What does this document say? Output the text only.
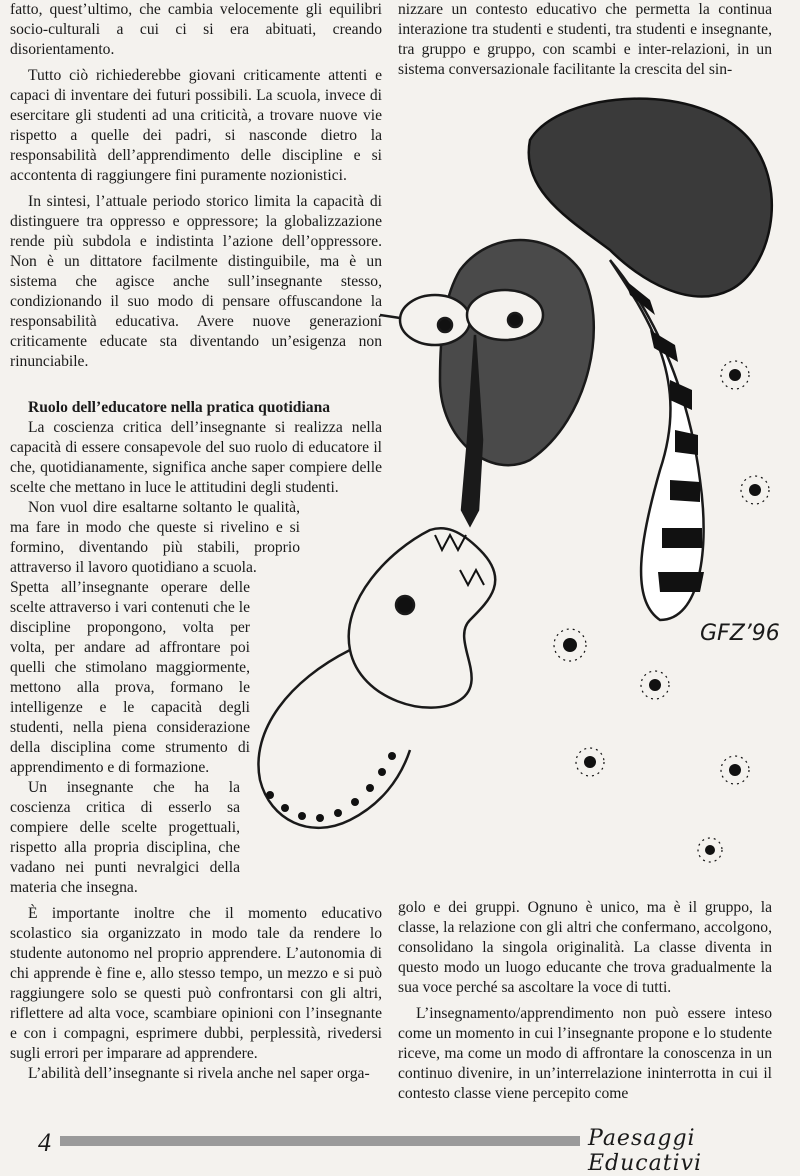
GFZ’96

fatto, quest’ultimo, che cambia velocemente gli equilibri socio-culturali a cui ci si era abituati, creando disorientamento.

Tutto ciò richiederebbe giovani criticamente attenti e capaci di inventare dei futuri possibili. La scuola, invece di esercitare gli studenti ad una criticità, a trovare nuove vie rispetto a quelle dei padri, si nasconde dietro la responsabilità dell’apprendimento delle discipline e si accontenta di raggiungere fini puramente nozionistici.

In sintesi, l’attuale periodo storico limita la capacità di distinguere tra oppresso e oppressore; la globalizzazione rende più subdola e indistinta l’azione dell’oppressore. Non è un dittatore facilmente distinguibile, ma è un sistema che agisce anche sull’insegnante stesso, condizionando il suo modo di pensare offuscandone la responsabilità educativa. Avere nuove generazioni criticamente educate sta diventando un’esigenza non rinunciabile.

Ruolo dell’educatore nella pratica quotidiana

La coscienza critica dell’insegnante si realizza nella capacità di essere consapevole del suo ruolo di educatore il che, quotidianamente, significa anche saper compiere delle scelte che mettano in luce le attitudini degli studenti.

Non vuol dire esaltarne soltanto le qualità, ma fare in modo che queste si rivelino e si formino, diventando più stabili, proprio attraverso il lavoro quotidiano a scuola.

Spetta all’insegnante operare delle scelte attraverso i vari contenuti che le discipline propongono, volta per volta, per andare ad affrontare poi quelli che stimolano maggiormente, mettono alla prova, formano le intelligenze e le capacità degli studenti, nella piena considerazione della disciplina come strumento di apprendimento e di formazione.

Un insegnante che ha la coscienza critica di esserlo sa compiere delle scelte progettuali, rispetto alla propria disciplina, che vadano nei punti nevralgici della materia che insegna.

È importante inoltre che il momento educativo scolastico sia organizzato in modo tale da rendere lo studente autonomo nel proprio apprendere. L’autonomia di chi apprende è fine e, allo stesso tempo, un mezzo e si può raggiungere solo se questi può confrontarsi con gli altri, riflettere ad alta voce, scambiare opinioni con l’insegnante e con i compagni, esprimere dubbi, perplessità, rivedersi sugli errori per imparare ad apprendere.

L’abilità dell’insegnante si rivela anche nel saper orga-

nizzare un contesto educativo che permetta la continua interazione tra studenti e studenti, tra studenti e insegnante, tra gruppo e gruppo, con scambi e inter-relazioni, in un sistema conversazionale facilitante la crescita del sin-

golo e dei gruppi. Ognuno è unico, ma è il gruppo, la classe, la relazione con gli altri che confermano, accolgono, consolidano la singola originalità. La classe diventa in questo modo un luogo educante che trova gradualmente la sua voce perché sa ascoltare la voce di tutti.

L’insegnamento/apprendimento non può essere inteso come un momento in cui l’insegnante propone e lo studente riceve, ma come un modo di affrontare la conoscenza in un continuo divenire, in un’interrelazione ininterrotta in cui il contesto classe viene percepito come

4	Paesaggi Educativi
